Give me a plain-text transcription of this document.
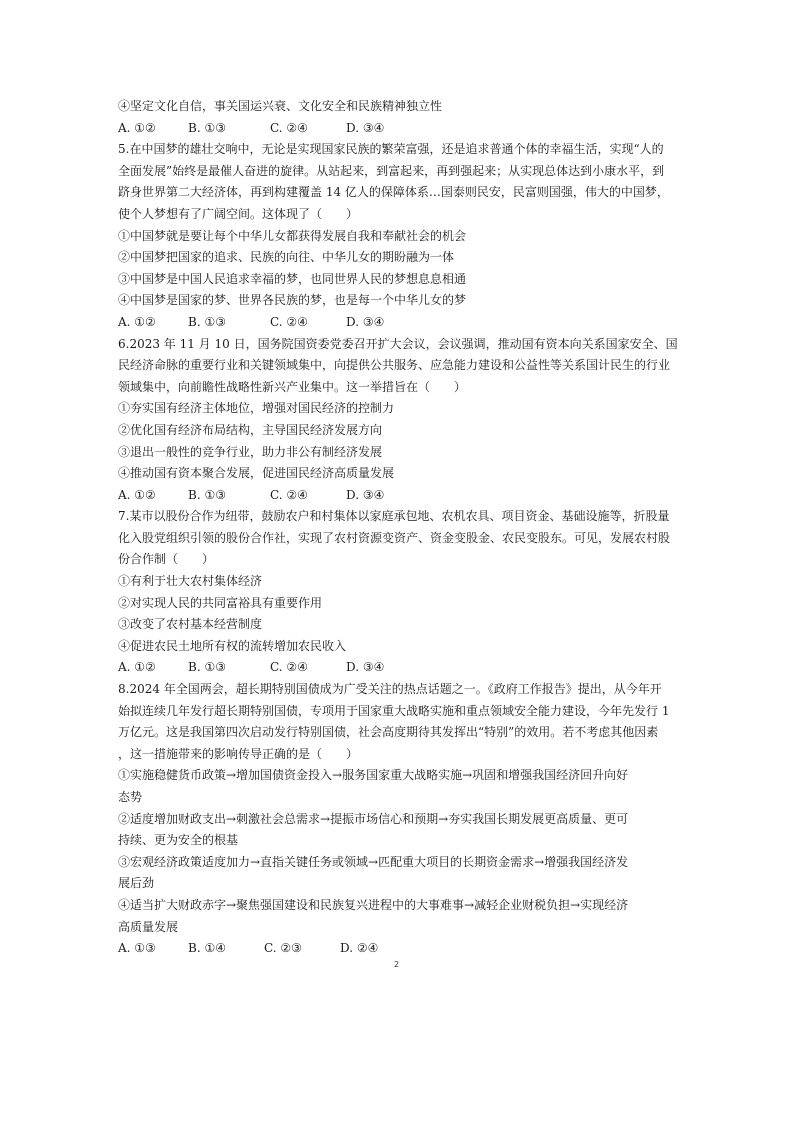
④坚定文化自信，事关国运兴衰、文化安全和民族精神独立性

A. ①②	B. ①③	C. ②④	D. ③④

5.在中国梦的雄壮交响中，无论是实现国家民族的繁荣富强，还是追求普通个体的幸福生活，实现“人的

全面发展”始终是最催人奋进的旋律。从站起来，到富起来，再到强起来；从实现总体达到小康水平，到

跻身世界第二大经济体，再到构建覆盖 14 亿人的保障体系…国泰则民安，民富则国强，伟大的中国梦，

使个人梦想有了广阔空间。这体现了（　　）

①中国梦就是要让每个中华儿女都获得发展自我和奉献社会的机会

②中国梦把国家的追求、民族的向往、中华儿女的期盼融为一体

③中国梦是中国人民追求幸福的梦，也同世界人民的梦想息息相通

④中国梦是国家的梦、世界各民族的梦，也是每一个中华儿女的梦

A. ①②	B. ①③	C. ②④	D. ③④

6.2023 年 11 月 10 日，国务院国资委党委召开扩大会议，会议强调，推动国有资本向关系国家安全、国

民经济命脉的重要行业和关键领域集中，向提供公共服务、应急能力建设和公益性等关系国计民生的行业

领域集中，向前瞻性战略性新兴产业集中。这一举措旨在（　　）

①夯实国有经济主体地位，增强对国民经济的控制力

②优化国有经济布局结构，主导国民经济发展方向

③退出一般性的竞争行业，助力非公有制经济发展

④推动国有资本聚合发展，促进国民经济高质量发展

A. ①②	B. ①③	C. ②④	D. ③④

7.某市以股份合作为纽带，鼓励农户和村集体以家庭承包地、农机农具、项目资金、基础设施等，折股量

化入股党组织引领的股份合作社，实现了农村资源变资产、资金变股金、农民变股东。可见，发展农村股

份合作制（　　）

①有利于壮大农村集体经济

②对实现人民的共同富裕具有重要作用

③改变了农村基本经营制度

④促进农民土地所有权的流转增加农民收入

A. ①②	B. ①③	C. ②④	D. ③④

8.2024 年全国两会，超长期特别国债成为广受关注的热点话题之一。《政府工作报告》提出，从今年开

始拟连续几年发行超长期特别国债，专项用于国家重大战略实施和重点领域安全能力建设，今年先发行 1

万亿元。这是我国第四次启动发行特别国债，社会高度期待其发挥出“特别”的效用。若不考虑其他因素

，这一措施带来的影响传导正确的是（　　）

①实施稳健货币政策→增加国债资金投入→服务国家重大战略实施→巩固和增强我国经济回升向好

态势

②适度增加财政支出→刺激社会总需求→提振市场信心和预期→夯实我国长期发展更高质量、更可

持续、更为安全的根基

③宏观经济政策适度加力→直指关键任务或领域→匹配重大项目的长期资金需求→增强我国经济发

展后劲

④适当扩大财政赤字→聚焦强国建设和民族复兴进程中的大事难事→减轻企业财税负担→实现经济

高质量发展

A. ①③	B. ①④	C. ②③	D. ②④
2
